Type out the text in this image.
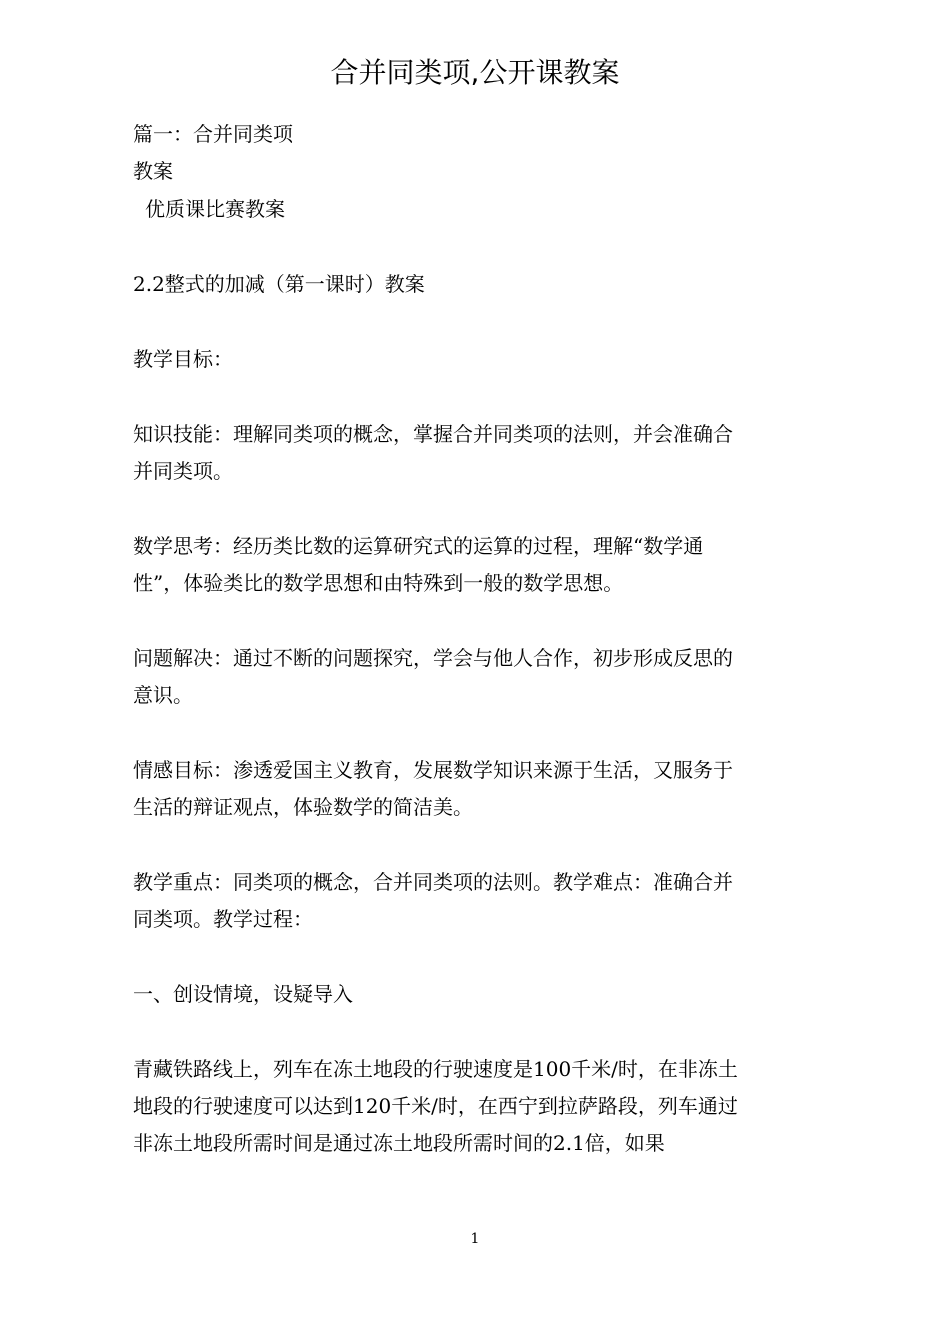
合并同类项,公开课教案
篇一：合并同类项
教案
优质课比赛教案
2.2整式的加减（第一课时）教案
教学目标：
知识技能：理解同类项的概念，掌握合并同类项的法则，并会准确合
并同类项。
数学思考：经历类比数的运算研究式的运算的过程，理解“数学通
性”，体验类比的数学思想和由特殊到一般的数学思想。
问题解决：通过不断的问题探究，学会与他人合作，初步形成反思的
意识。
情感目标：渗透爱国主义教育，发展数学知识来源于生活，又服务于
生活的辩证观点，体验数学的简洁美。
教学重点：同类项的概念，合并同类项的法则。教学难点：准确合并
同类项。教学过程：
一、创设情境，设疑导入
青藏铁路线上，列车在冻土地段的行驶速度是100千米/时，在非冻土
地段的行驶速度可以达到120千米/时，在西宁到拉萨路段，列车通过
非冻土地段所需时间是通过冻土地段所需时间的2.1倍，如果
1
